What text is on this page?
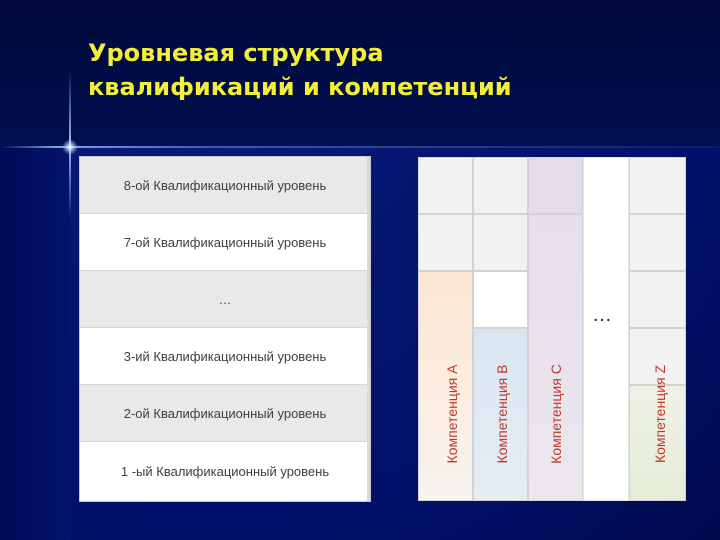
Уровневая структура
квалификаций и компетенций
8-ой Квалификационный уровень
7-ой Квалификационный уровень
…
3-ий Квалификационный уровень
2-ой Квалификационный уровень
1 -ый Квалификационный уровень
Компетенция А Компетенция В	Компетенция С	Компетенция Z
…
